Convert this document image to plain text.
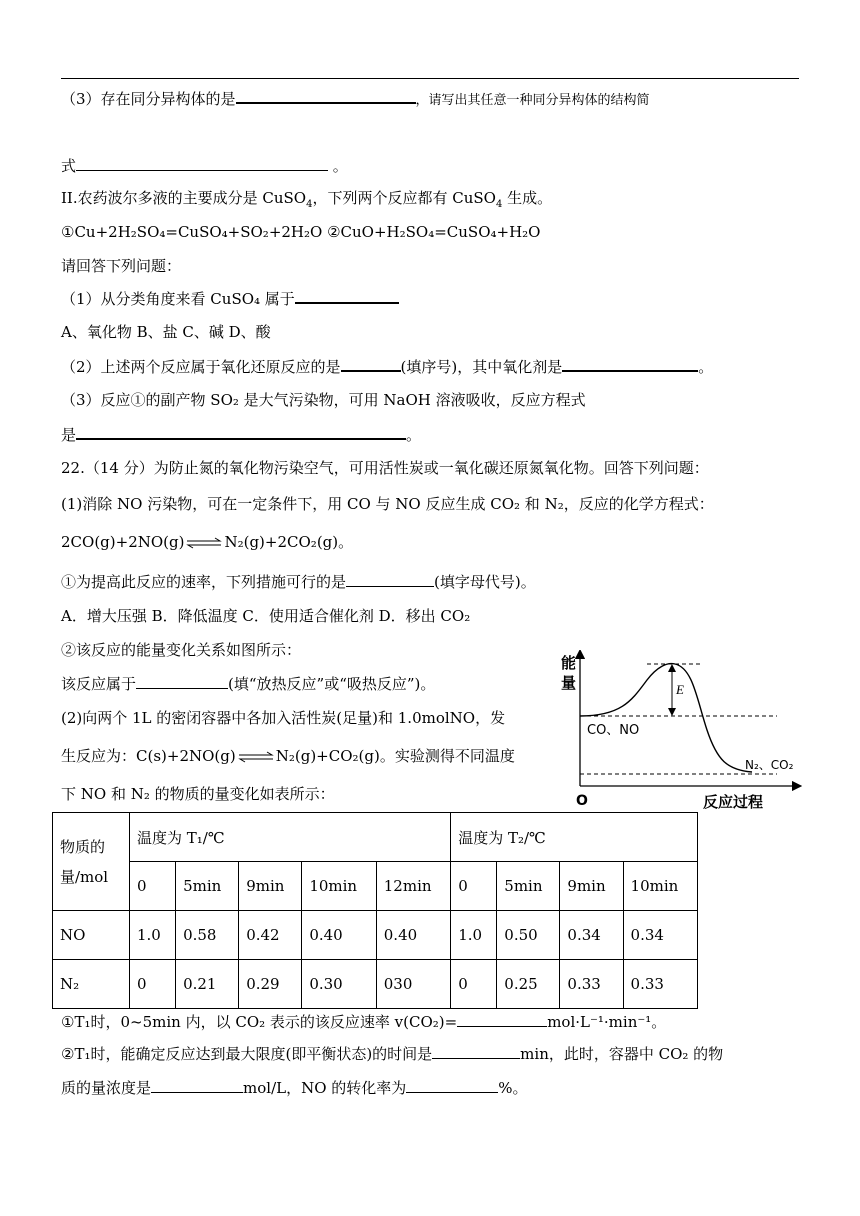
（3）存在同分异构体的是	，请写出其任意一种同分异构体的结构简
式	。
II.农药波尔多液的主要成分是 CuSO$_4$，下列两个反应都有 CuSO$_4$ 生成。
①Cu+2H₂SO₄=CuSO₄+SO₂+2H₂O ②CuO+H₂SO₄=CuSO₄+H₂O
请回答下列问题：
（1）从分类角度来看 CuSO₄ 属于
A、氧化物 B、盐 C、碱 D、酸
（2）上述两个反应属于氧化还原反应的是	(填序号)，其中氧化剂是	。
（3）反应①的副产物 SO₂ 是大气污染物，可用 NaOH 溶液吸收，反应方程式
是	。
22.（14 分）为防止氮的氧化物污染空气，可用活性炭或一氧化碳还原氮氧化物。回答下列问题：
(1)消除 NO 污染物，可在一定条件下，用 CO 与 NO 反应生成 CO₂ 和 N₂，反应的化学方程式：
2CO(g)+2NO(g)⇌N₂(g)+2CO₂(g)。
①为提高此反应的速率，下列措施可行的是	(填字母代号)。
A．增大压强 B．降低温度 C．使用适合催化剂 D．移出 CO₂
②该反应的能量变化关系如图所示：
该反应属于	(填“放热反应”或“吸热反应”)。
(2)向两个 1L 的密闭容器中各加入活性炭(足量)和 1.0molNO，发
生反应为：C(s)+2NO(g)⇌N₂(g)+CO₂(g)。实验测得不同温度
下 NO 和 N₂ 的物质的量变化如表所示：
E
能
量
CO、NO
N₂、CO₂
O	反应过程
物质的
量/mol	温度为 T₁/℃					温度为 T₂/℃			
	0	5min	9min	10min	12min	0	5min	9min	10min
NO	1.0	0.58	0.42	0.40	0.40	1.0	0.50	0.34	0.34
N₂	0	0.21	0.29	0.30	030	0	0.25	0.33	0.33
①T₁时，0~5min 内，以 CO₂ 表示的该反应速率 v(CO₂)=	mol·L⁻¹·min⁻¹。
②T₁时，能确定反应达到最大限度(即平衡状态)的时间是	min，此时，容器中 CO₂ 的物
质的量浓度是	mol/L，NO 的转化率为	%。
